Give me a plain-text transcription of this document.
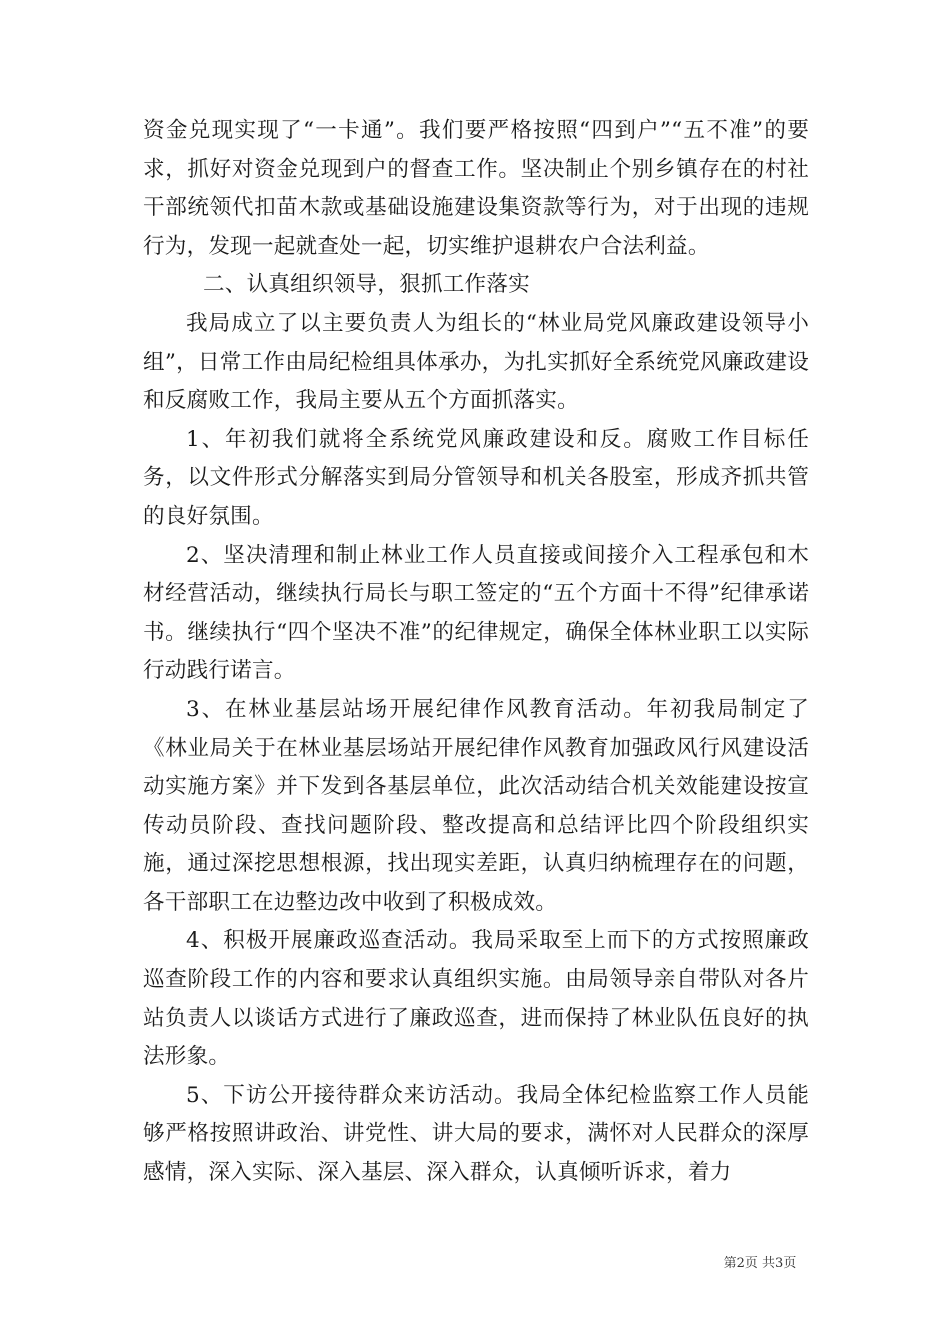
资金兑现实现了“一卡通”。我们要严格按照“四到户”“五不准”的要求，抓好对资金兑现到户的督查工作。坚决制止个别乡镇存在的村社干部统领代扣苗木款或基础设施建设集资款等行为，对于出现的违规行为，发现一起就查处一起，切实维护退耕农户合法利益。

二、认真组织领导，狠抓工作落实

我局成立了以主要负责人为组长的“林业局党风廉政建设领导小组”，日常工作由局纪检组具体承办，为扎实抓好全系统党风廉政建设和反腐败工作，我局主要从五个方面抓落实。

1、年初我们就将全系统党风廉政建设和反。腐败工作目标任务，以文件形式分解落实到局分管领导和机关各股室，形成齐抓共管的良好氛围。

2、坚决清理和制止林业工作人员直接或间接介入工程承包和木材经营活动，继续执行局长与职工签定的“五个方面十不得”纪律承诺书。继续执行“四个坚决不准”的纪律规定，确保全体林业职工以实际行动践行诺言。

3、在林业基层站场开展纪律作风教育活动。年初我局制定了《林业局关于在林业基层场站开展纪律作风教育加强政风行风建设活动实施方案》并下发到各基层单位，此次活动结合机关效能建设按宣传动员阶段、查找问题阶段、整改提高和总结评比四个阶段组织实施，通过深挖思想根源，找出现实差距，认真归纳梳理存在的问题，各干部职工在边整边改中收到了积极成效。

4、积极开展廉政巡查活动。我局采取至上而下的方式按照廉政巡查阶段工作的内容和要求认真组织实施。由局领导亲自带队对各片站负责人以谈话方式进行了廉政巡查，进而保持了林业队伍良好的执法形象。

5、下访公开接待群众来访活动。我局全体纪检监察工作人员能够严格按照讲政治、讲党性、讲大局的要求，满怀对人民群众的深厚感情，深入实际、深入基层、深入群众，认真倾听诉求，着力

第2页 共3页
